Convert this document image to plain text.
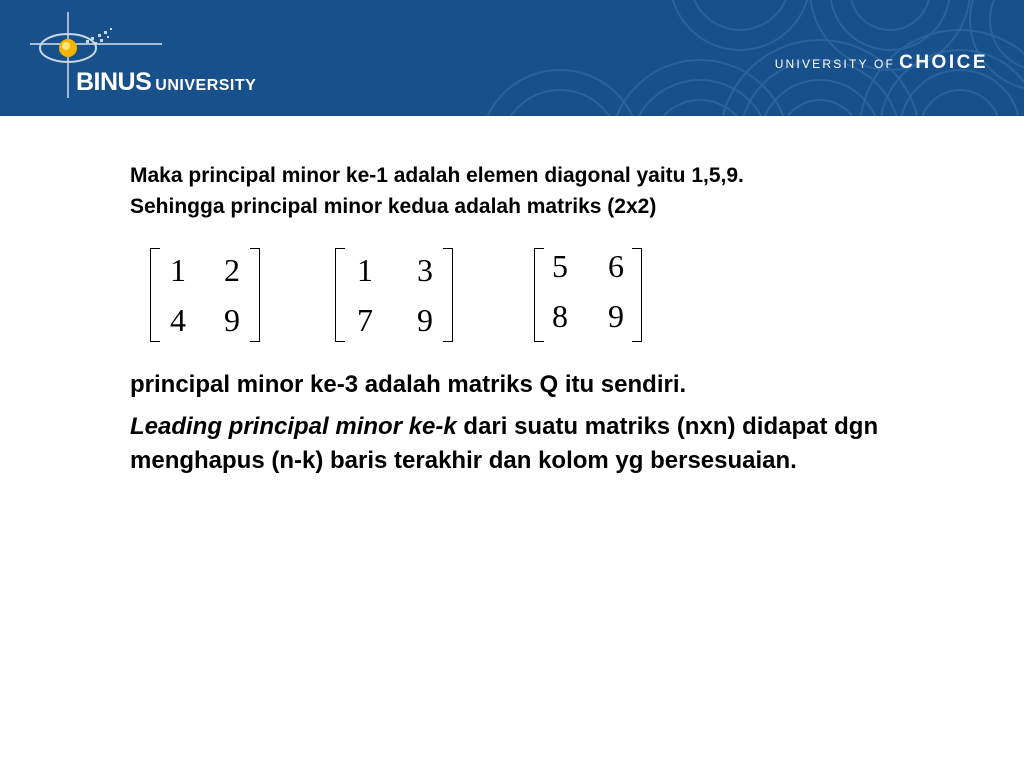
BINUS UNIVERSITY
UNIVERSITY OF CHOICE

Maka principal minor ke-1 adalah elemen diagonal yaitu 1,5,9.

Sehingga principal minor kedua adalah matriks (2x2)

1	2
4	9
1	3
7	9
5	6
8	9

principal minor ke-3 adalah matriks Q itu sendiri.

Leading principal minor ke-k dari suatu matriks (nxn) didapat dgn menghapus (n-k) baris terakhir dan kolom yg bersesuaian.
